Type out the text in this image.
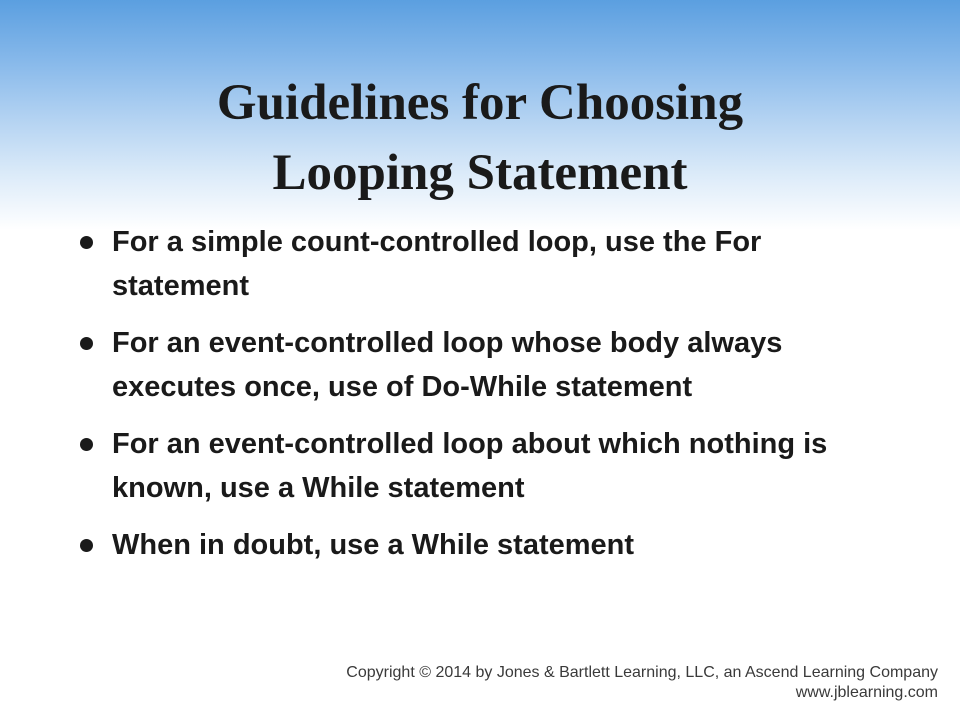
Guidelines for Choosing
Looping Statement
For a simple count-controlled loop, use the For statement
For an event-controlled loop whose body always executes once, use of Do-While statement
For an event-controlled loop about which nothing is known, use a While statement
When in doubt, use a While statement
Copyright © 2014 by Jones & Bartlett Learning, LLC, an Ascend Learning Company
www.jblearning.com
